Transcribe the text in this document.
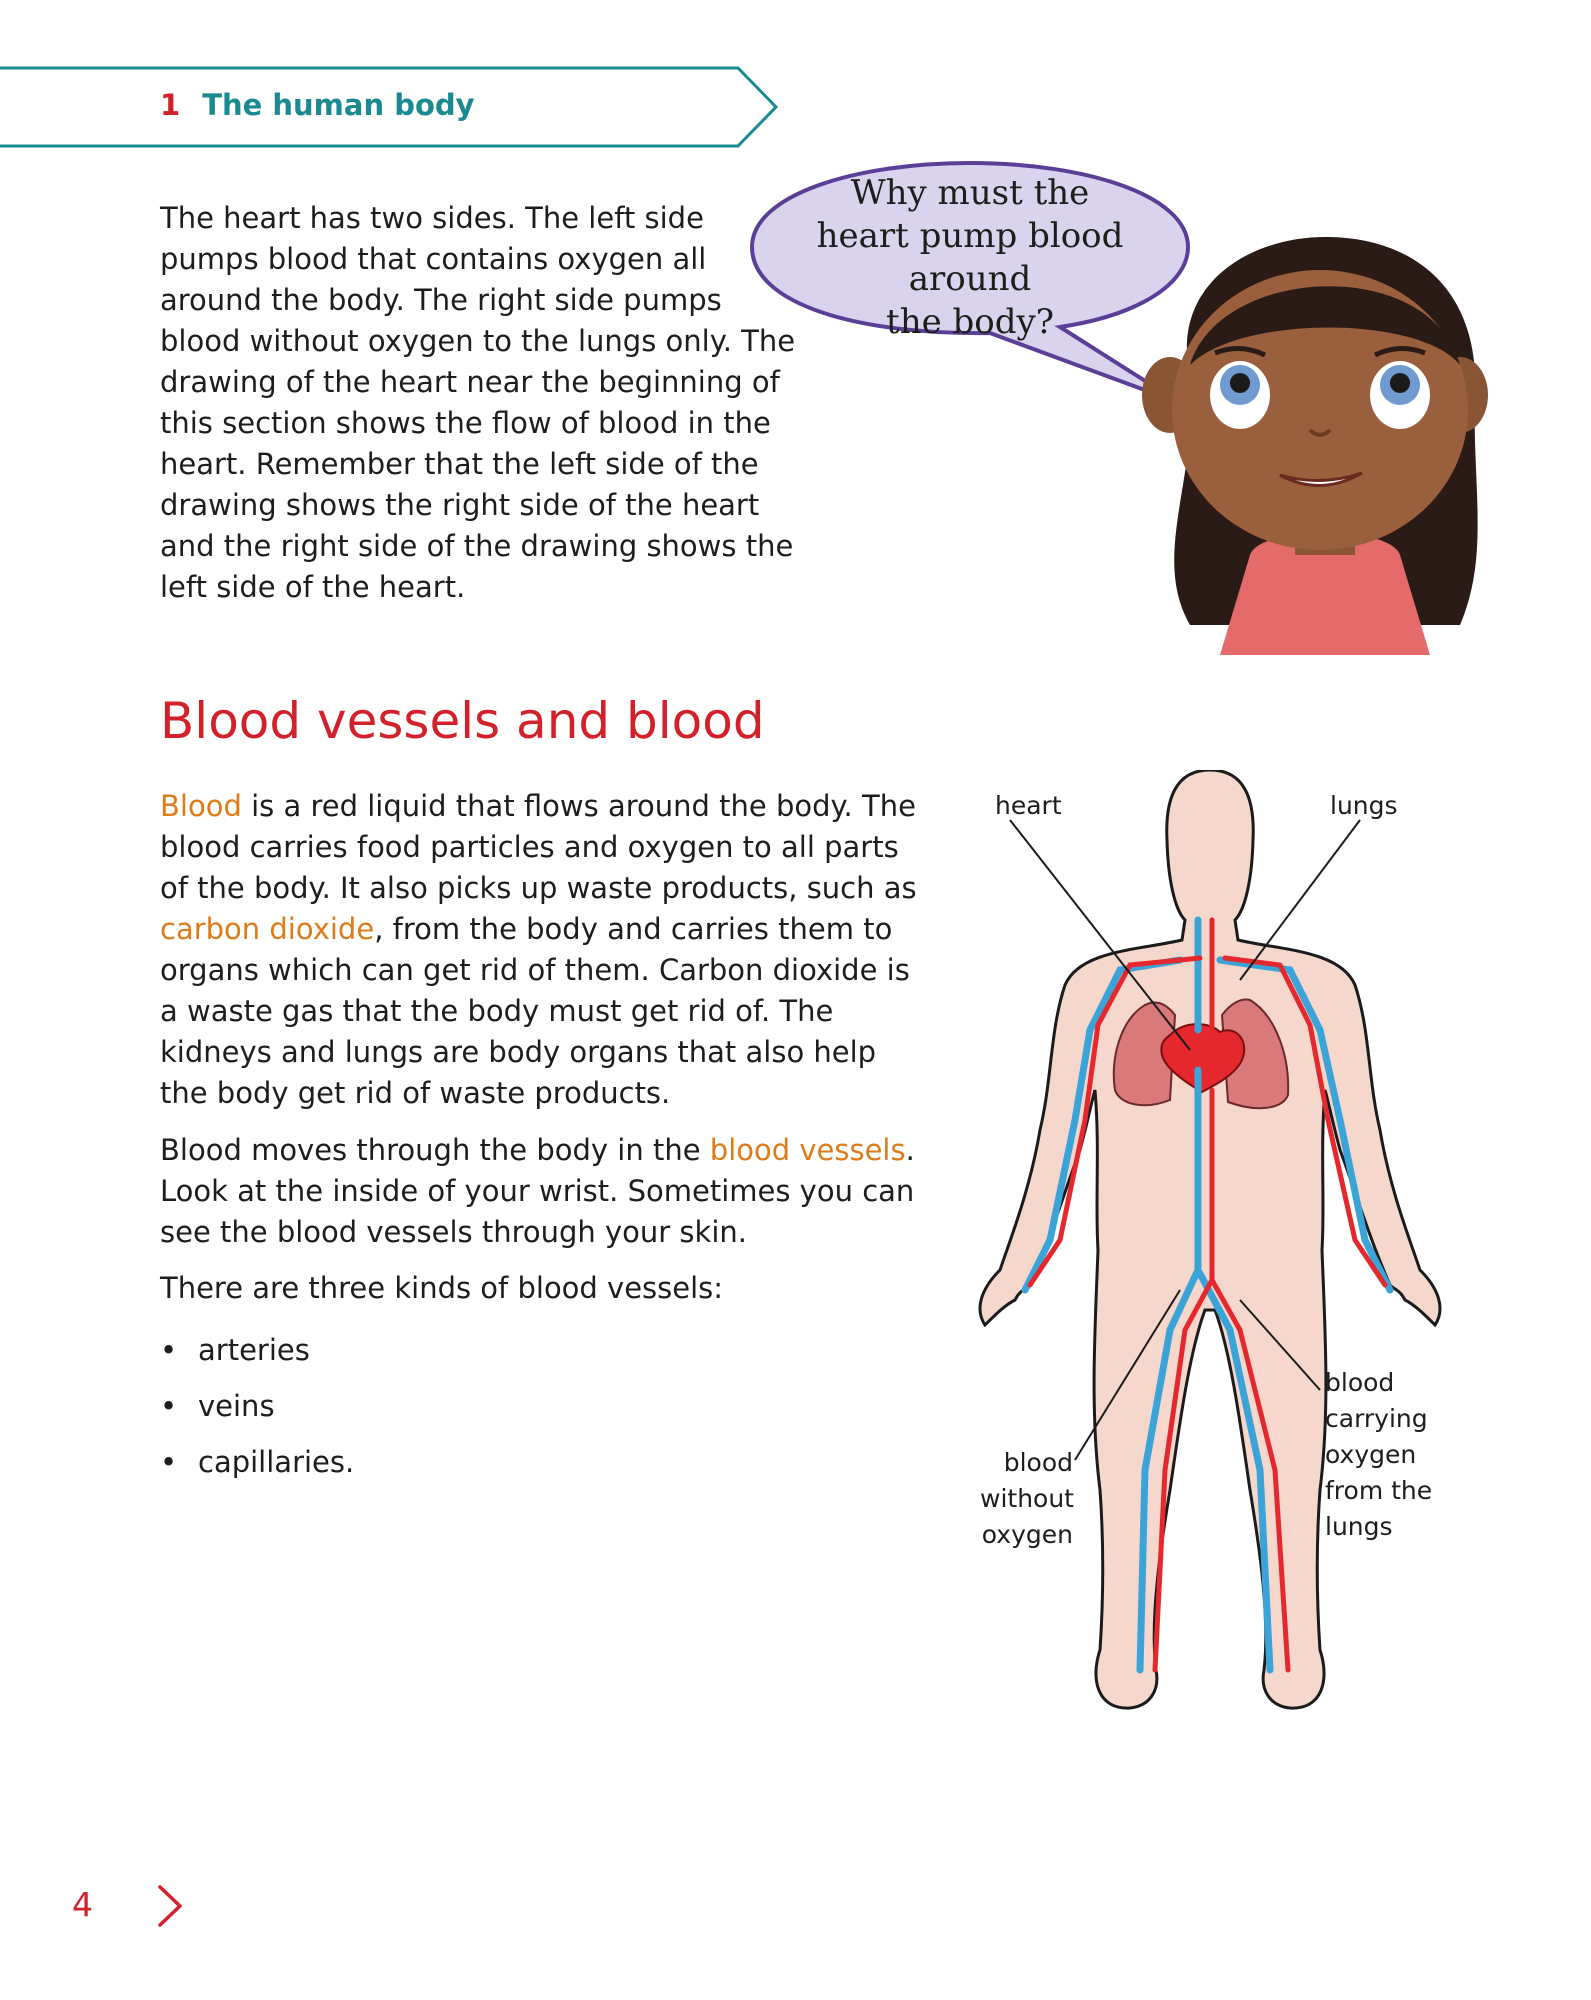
1 The human body

The heart has two sides. The left side pumps blood that contains oxygen all around the body. The right side pumps blood without oxygen to the lungs only. The drawing of the heart near the beginning of this section shows the flow of blood in the heart. Remember that the left side of the drawing shows the right side of the heart and the right side of the drawing shows the left side of the heart.

Why must the
heart pump blood around
the body?
Blood vessels and blood

Blood is a red liquid that flows around the body. The blood carries food particles and oxygen to all parts of the body. It also picks up waste products, such as carbon dioxide, from the body and carries them to organs which can get rid of them. Carbon dioxide is a waste gas that the body must get rid of. The kidneys and lungs are body organs that also help the body get rid of waste products.

Blood moves through the body in the blood vessels. Look at the inside of your wrist. Sometimes you can see the blood vessels through your skin.

There are three kinds of blood vessels:

• arteries
• veins
• capillaries.
heart	lungs
blood
without
oxygen
blood
carrying
oxygen
from the
lungs
4
